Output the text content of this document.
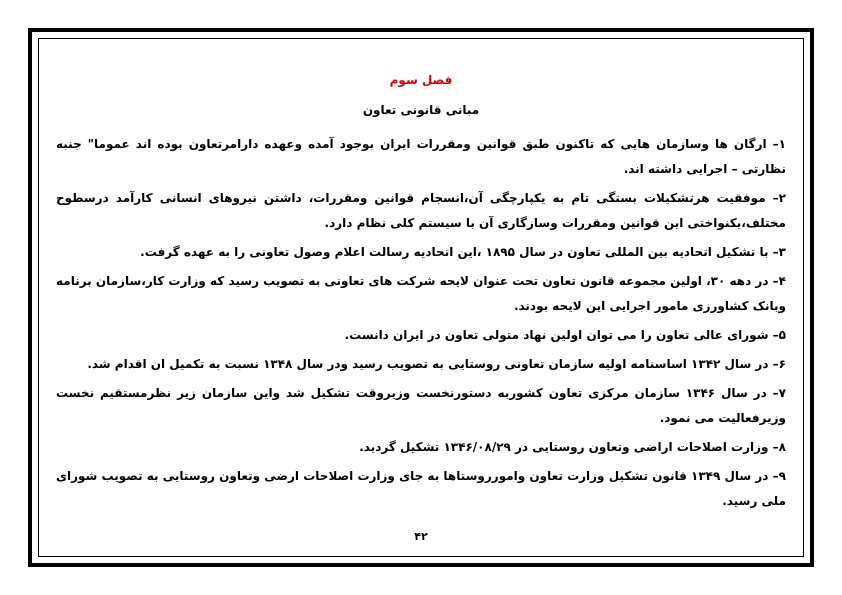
فصل سوم
مبانی قانونی تعاون

۱– ارگان ها وسازمان هایی که تاکنون طبق قوانین ومقررات ایران بوجود آمده وعهده دارامرتعاون بوده اند عموما" جنبه نظارتی – اجرایی داشته اند.

۲– موفقیت هرتشکیلات بستگی تام به یکپارچگی آن،انسجام قوانین ومقررات، داشتن نیروهای انسانی کارآمد درسطوح مختلف،یکنواختی این قوانین ومقررات وسازگاری آن با سیستم کلی نظام دارد.

۳– با تشکیل اتحادیه بین المللی تعاون در سال ۱۸۹۵ ،این اتحادیه رسالت اعلام وصول تعاونی را به عهده گرفت.

۴– در دهه ۳۰، اولین مجموعه قانون تعاون تحت عنوان لایحه شرکت های تعاونی به تصویب رسید که وزارت کار،سازمان برنامه وبانک کشاورزی مامور اجرایی این لایحه بودند.

۵– شورای عالی تعاون را می توان اولین نهاد متولی تعاون در ایران دانست.

۶– در سال ۱۳۴۲ اساسنامه اولیه سازمان تعاونی روستایی به تصویب رسید ودر سال ۱۳۴۸ نسبت به تکمیل ان اقدام شد.

۷– در سال ۱۳۴۶ سازمان مرکزی تعاون کشوربه دستورنخست وزیروقت تشکیل شد واین سازمان زیر نظرمستقیم نخست وزیرفعالیت می نمود.

۸– وزارت اصلاحات اراضی وتعاون روستایی در ۱۳۴۶/۰۸/۲۹ تشکیل گردید.

۹– در سال ۱۳۴۹ قانون تشکیل وزارت تعاون وامورروستاها به جای وزارت اصلاحات ارضی وتعاون روستایی به تصویب شورای ملی رسید.

۴۲
